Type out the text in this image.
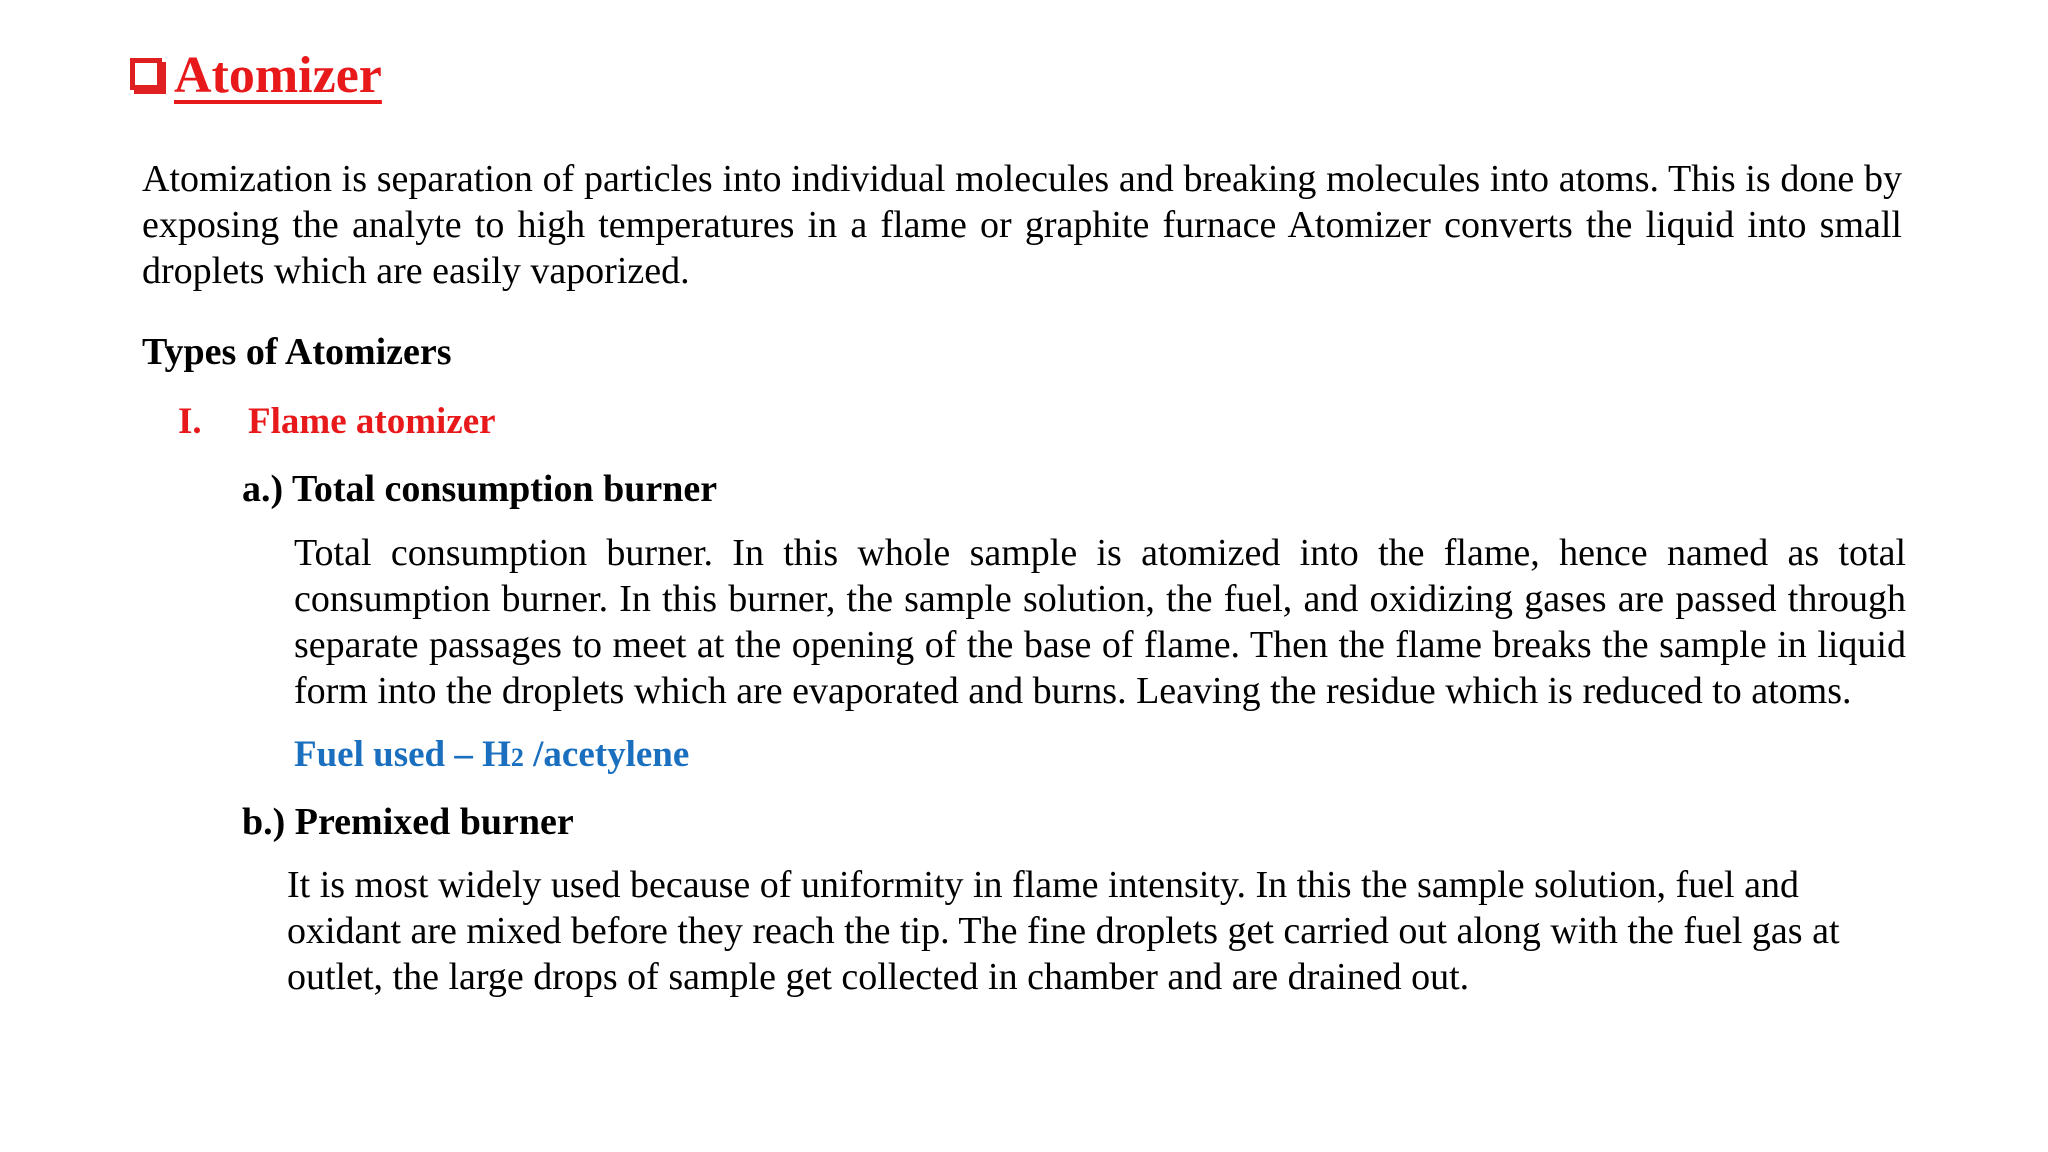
Atomizer

Atomization is separation of particles into individual molecules and breaking molecules into atoms. This is done by exposing the analyte to high temperatures in a flame or graphite furnace Atomizer converts the liquid into small droplets which are easily vaporized.

Types of Atomizers
I.	Flame atomizer
a.) Total consumption burner

Total consumption burner. In this whole sample is atomized into the flame, hence named as total consumption burner. In this burner, the sample solution, the fuel, and oxidizing gases are passed through separate passages to meet at the opening of the base of flame. Then the flame breaks the sample in liquid form into the droplets which are evaporated and burns. Leaving the residue which is reduced to atoms.

Fuel used – H2 /acetylene
b.) Premixed burner
It is most widely used because of uniformity in flame intensity. In this the sample solution, fuel and
oxidant are mixed before they reach the tip. The fine droplets get carried out along with the fuel gas at
outlet, the large drops of sample get collected in chamber and are drained out.
